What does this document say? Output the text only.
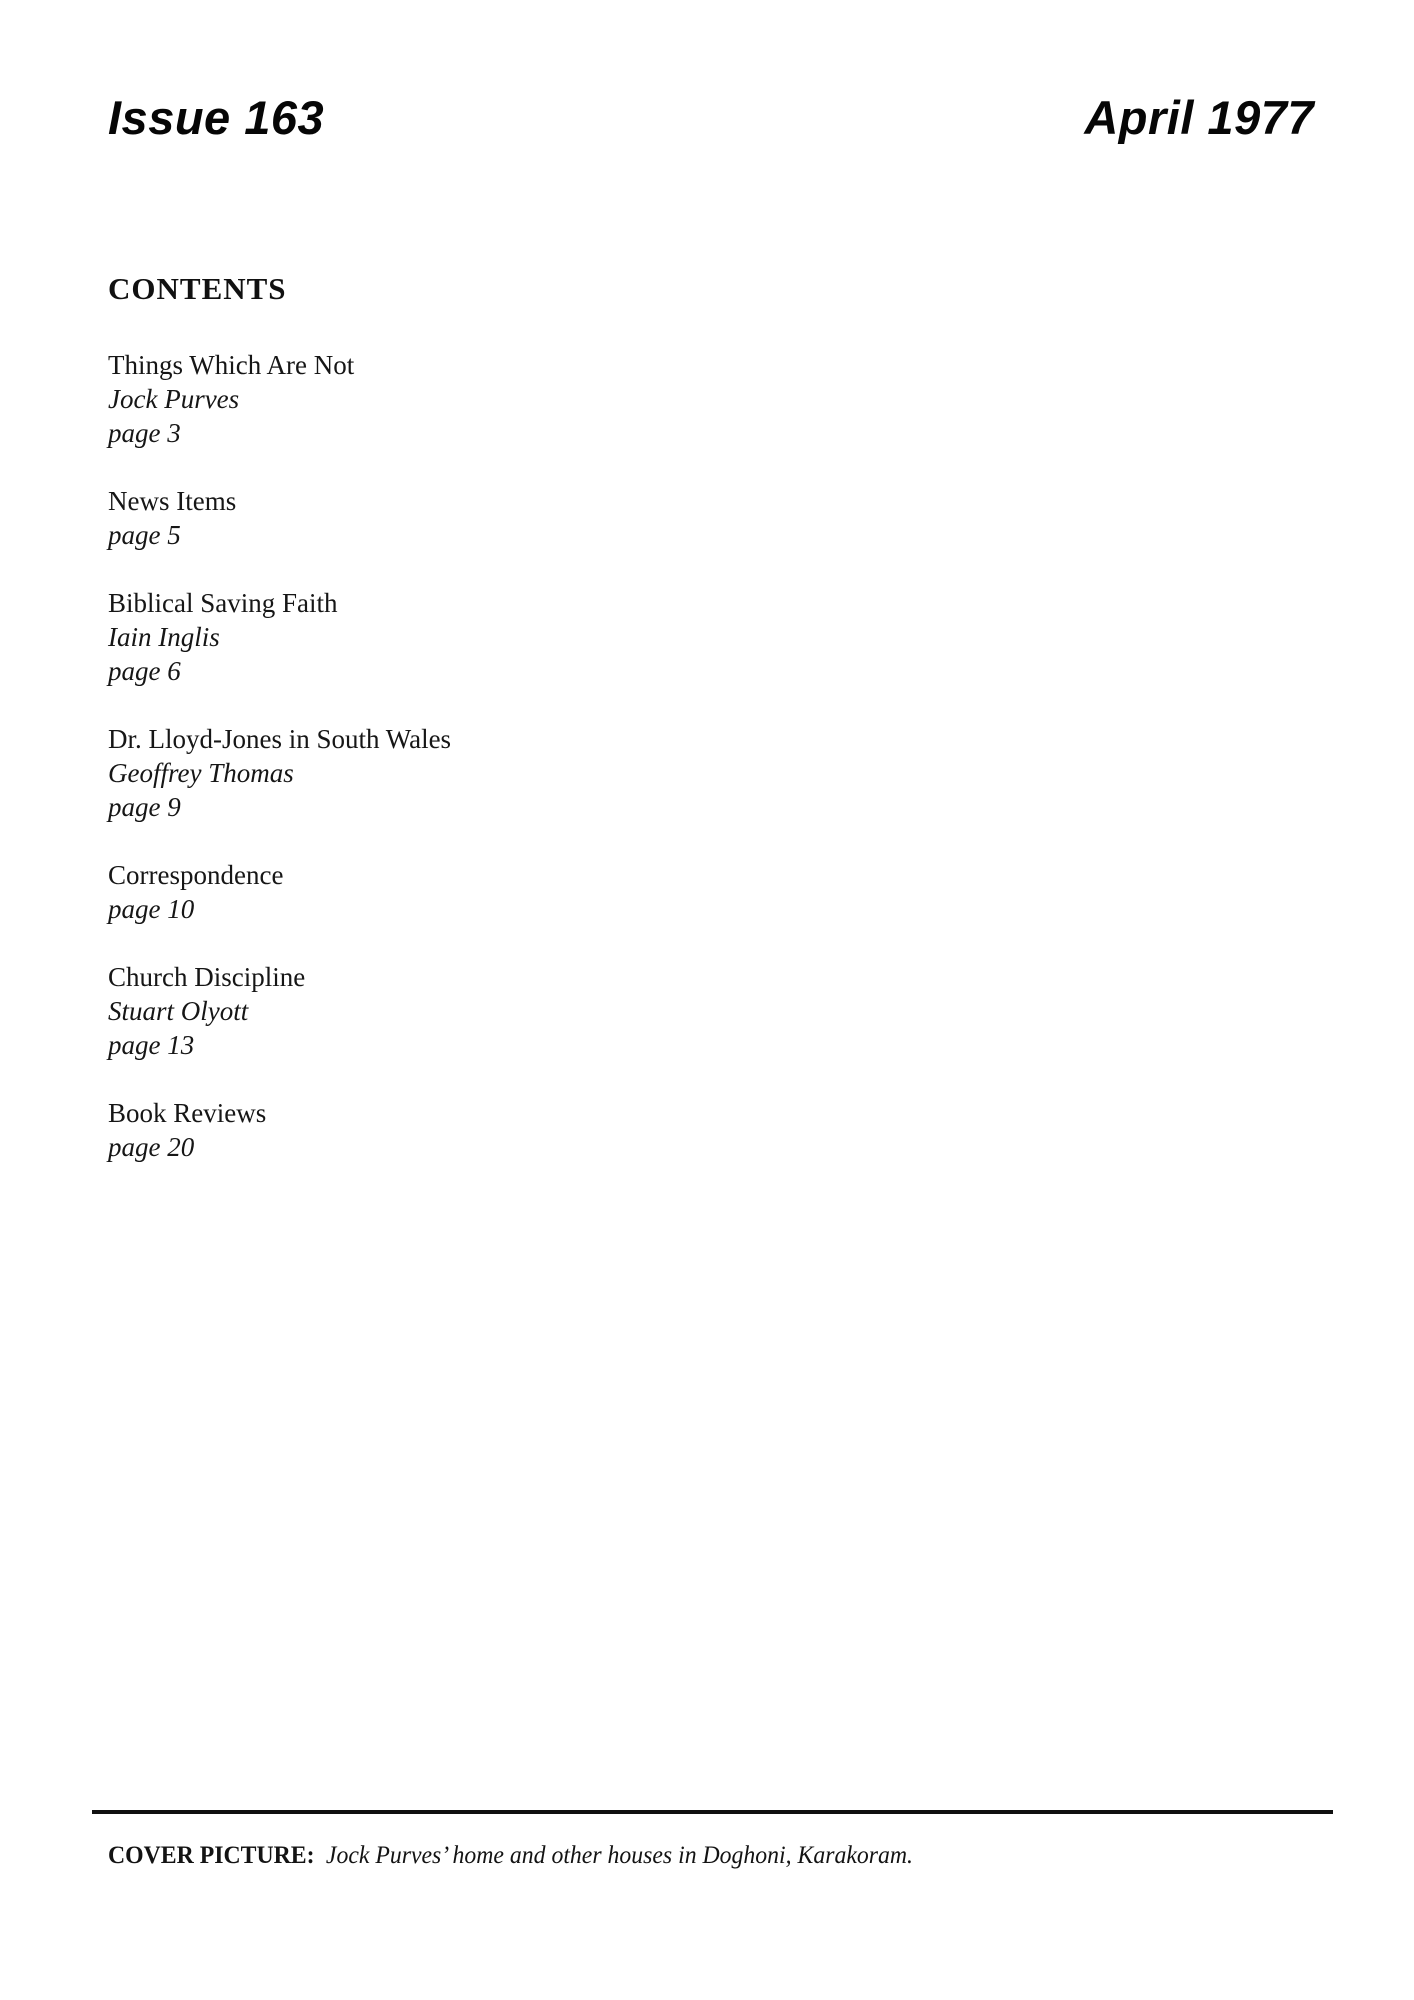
Issue 163	April 1977
CONTENTS
Things Which Are Not
Jock Purves
page 3
News Items
page 5
Biblical Saving Faith
Iain Inglis
page 6
Dr. Lloyd-Jones in South Wales
Geoffrey Thomas
page 9
Correspondence
page 10
Church Discipline
Stuart Olyott
page 13
Book Reviews
page 20

COVER PICTURE: Jock Purves’ home and other houses in Doghoni, Karakoram.
